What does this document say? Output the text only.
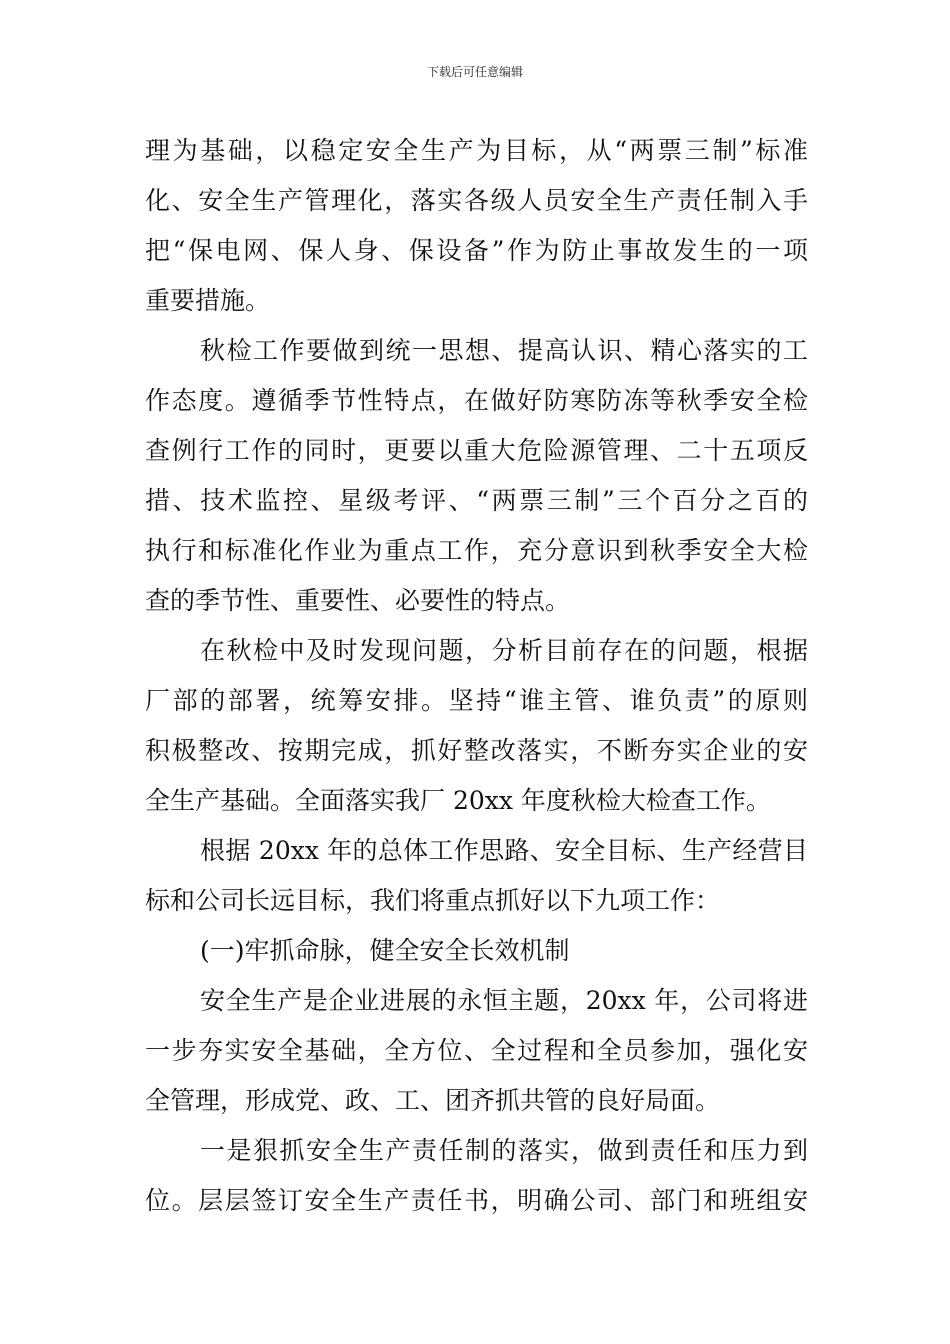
下载后可任意编辑
理为基础，以稳定安全生产为目标，从“两票三制”标准
化、安全生产管理化，落实各级人员安全生产责任制入手
把“保电网、保人身、保设备”作为防止事故发生的一项
重要措施。
秋检工作要做到统一思想、提高认识、精心落实的工
作态度。遵循季节性特点，在做好防寒防冻等秋季安全检
查例行工作的同时，更要以重大危险源管理、二十五项反
措、技术监控、星级考评、“两票三制”三个百分之百的
执行和标准化作业为重点工作，充分意识到秋季安全大检
查的季节性、重要性、必要性的特点。
在秋检中及时发现问题，分析目前存在的问题，根据
厂部的部署，统筹安排。坚持“谁主管、谁负责”的原则
积极整改、按期完成，抓好整改落实，不断夯实企业的安
全生产基础。全面落实我厂 20xx 年度秋检大检查工作。
根据 20xx 年的总体工作思路、安全目标、生产经营目
标和公司长远目标，我们将重点抓好以下九项工作：
(一)牢抓命脉，健全安全长效机制
安全生产是企业进展的永恒主题，20xx 年，公司将进
一步夯实安全基础，全方位、全过程和全员参加，强化安
全管理，形成党、政、工、团齐抓共管的良好局面。
一是狠抓安全生产责任制的落实，做到责任和压力到
位。层层签订安全生产责任书，明确公司、部门和班组安
